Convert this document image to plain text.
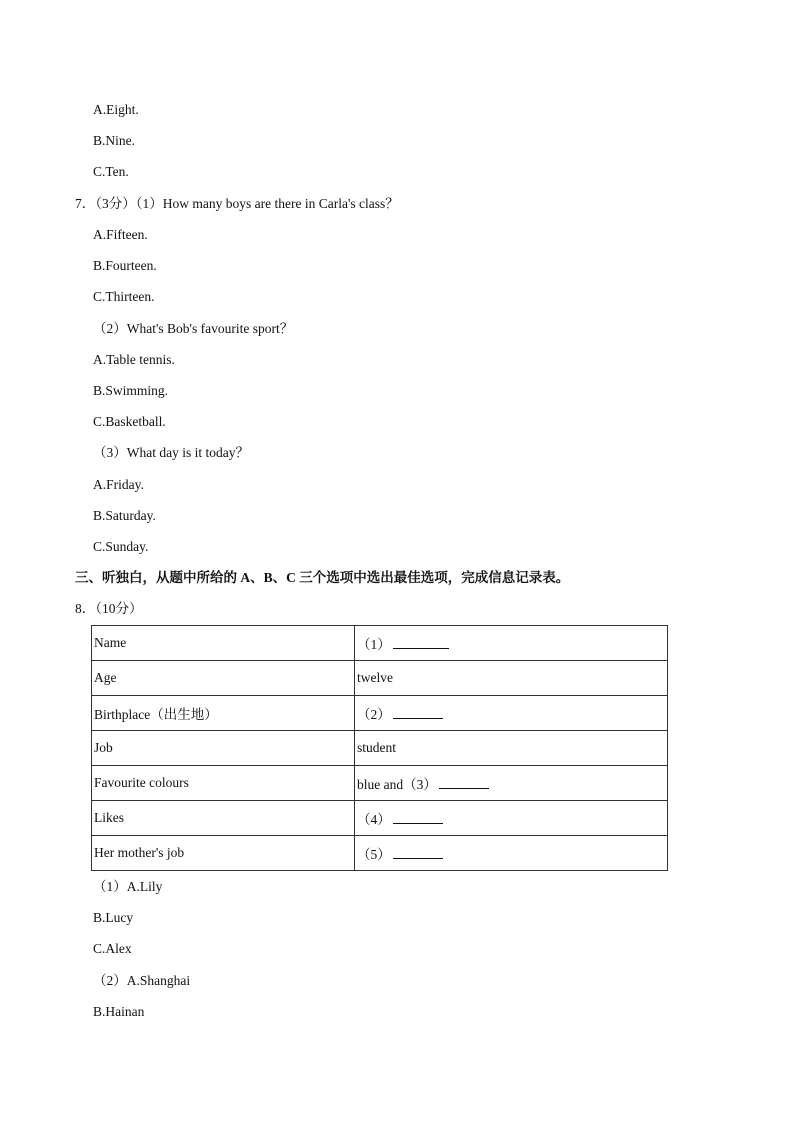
A.Eight.
B.Nine.
C.Ten.
7．（3分）（1）How many boys are there in Carla's class？
A.Fifteen.
B.Fourteen.
C.Thirteen.
（2）What's Bob's favourite sport？
A.Table tennis.
B.Swimming.
C.Basketball.
（3）What day is it today？
A.Friday.
B.Saturday.
C.Sunday.
三、听独白，从题中所给的 A、B、C 三个选项中选出最佳选项，完成信息记录表。
8．（10分）
Name	（1）
Age	twelve
Birthplace（出生地）	（2）
Job	student
Favourite colours	blue and（3）
Likes	（4）
Her mother's job	（5）
（1）A.Lily
B.Lucy
C.Alex
（2）A.Shanghai
B.Hainan
